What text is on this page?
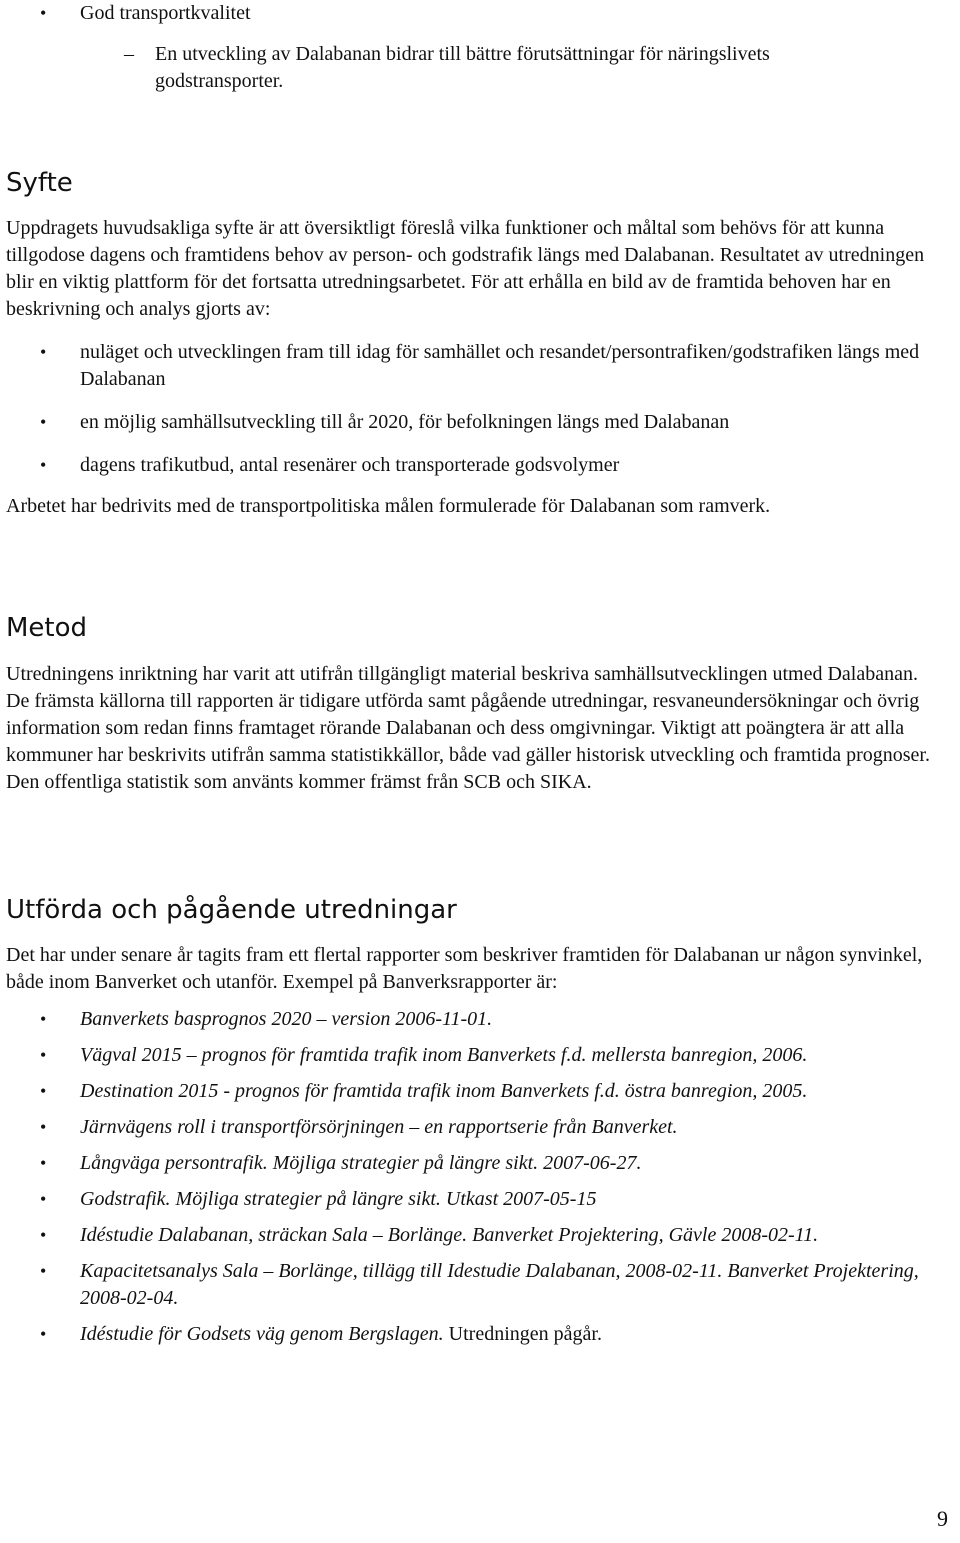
• God transportkvalitet
– En utveckling av Dalabanan bidrar till bättre förutsättningar för näringslivets godstransporter.
Syfte

Uppdragets huvudsakliga syfte är att översiktligt föreslå vilka funktioner och måltal som behövs för att kunna tillgodose dagens och framtidens behov av person- och godstrafik längs med Dalabanan. Resultatet av utredningen blir en viktig plattform för det fortsatta utredningsarbetet. För att erhålla en bild av de framtida behoven har en beskrivning och analys gjorts av:

• nuläget och utvecklingen fram till idag för samhället och resandet/persontrafiken/godstrafiken längs med Dalabanan
• en möjlig samhällsutveckling till år 2020, för befolkningen längs med Dalabanan
• dagens trafikutbud, antal resenärer och transporterade godsvolymer

Arbetet har bedrivits med de transportpolitiska målen formulerade för Dalabanan som ramverk.

Metod

Utredningens inriktning har varit att utifrån tillgängligt material beskriva samhällsutvecklingen utmed Dalabanan. De främsta källorna till rapporten är tidigare utförda samt pågående utredningar, resvaneundersökningar och övrig information som redan finns framtaget rörande Dalabanan och dess omgivningar. Viktigt att poängtera är att alla kommuner har beskrivits utifrån samma statistikkällor, både vad gäller historisk utveckling och framtida prognoser. Den offentliga statistik som använts kommer främst från SCB och SIKA.

Utförda och pågående utredningar

Det har under senare år tagits fram ett flertal rapporter som beskriver framtiden för Dalabanan ur någon synvinkel, både inom Banverket och utanför. Exempel på Banverksrapporter är:

• Banverkets basprognos 2020 – version 2006-11-01.
• Vägval 2015 – prognos för framtida trafik inom Banverkets f.d. mellersta banregion, 2006.
• Destination 2015 - prognos för framtida trafik inom Banverkets f.d. östra banregion, 2005.
• Järnvägens roll i transportförsörjningen – en rapportserie från Banverket.
• Långväga persontrafik. Möjliga strategier på längre sikt. 2007-06-27.
• Godstrafik. Möjliga strategier på längre sikt. Utkast 2007-05-15
• Idéstudie Dalabanan, sträckan Sala – Borlänge. Banverket Projektering, Gävle 2008-02-11.
• Kapacitetsanalys Sala – Borlänge, tillägg till Idestudie Dalabanan, 2008-02-11. Banverket Projektering, 2008-02-04.
• Idéstudie för Godsets väg genom Bergslagen. Utredningen pågår.
9
